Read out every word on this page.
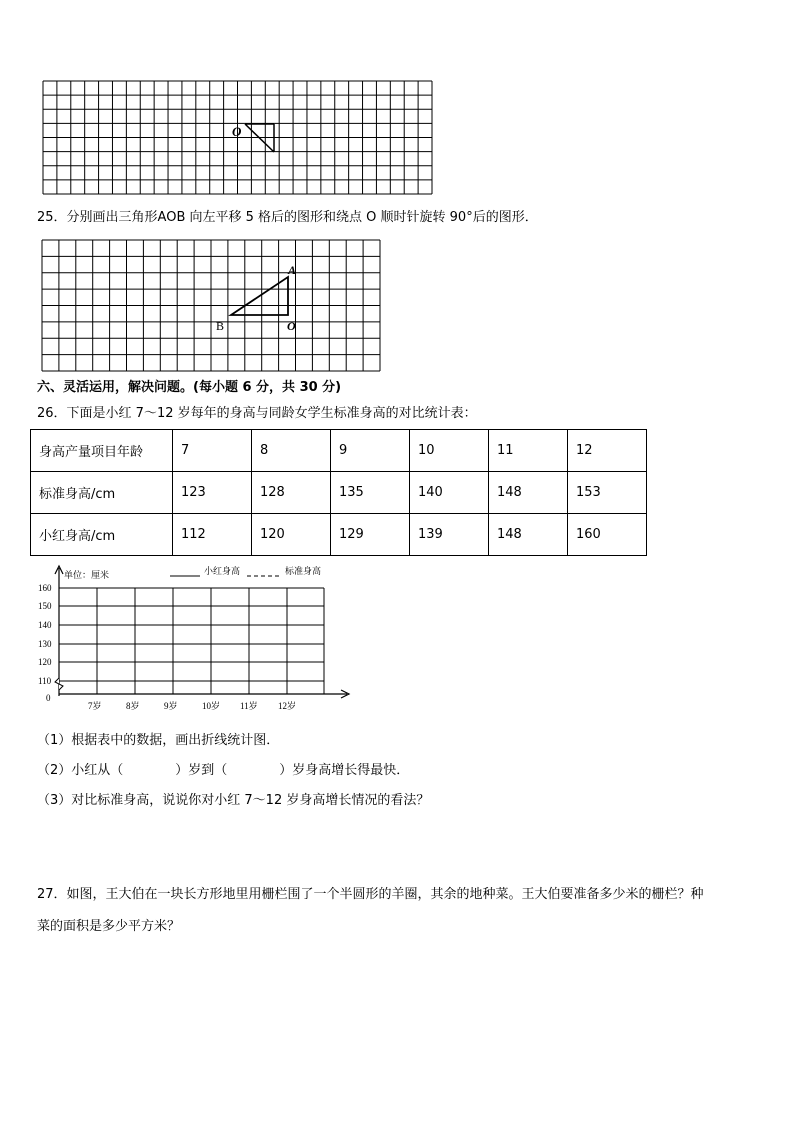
O
25．分别画出三角形AOB 向左平移 5 格后的图形和绕点 O 顺时针旋转 90°后的图形．
A
B	O
六、灵活运用，解决问题。(每小题 6 分，共 30 分)
26．下面是小红 7～12 岁每年的身高与同龄女学生标准身高的对比统计表：
身高产量项目年龄	7	8	9	10	11	12
标准身高/cm	123	128	135	140	148	153
小红身高/cm	112	120	129	139	148	160
单位：厘米	小红身高	标准身高
160
150
140
130
120
110
0
7岁	8岁	9岁	10岁 11岁 12岁
（1）根据表中的数据，画出折线统计图．
（2）小红从（	）岁到（	）岁身高增长得最快．
（3）对比标准身高，说说你对小红 7～12 岁身高增长情况的看法？
27．如图，王大伯在一块长方形地里用栅栏围了一个半圆形的羊圈，其余的地种菜。王大伯要准备多少米的栅栏？种
菜的面积是多少平方米？
